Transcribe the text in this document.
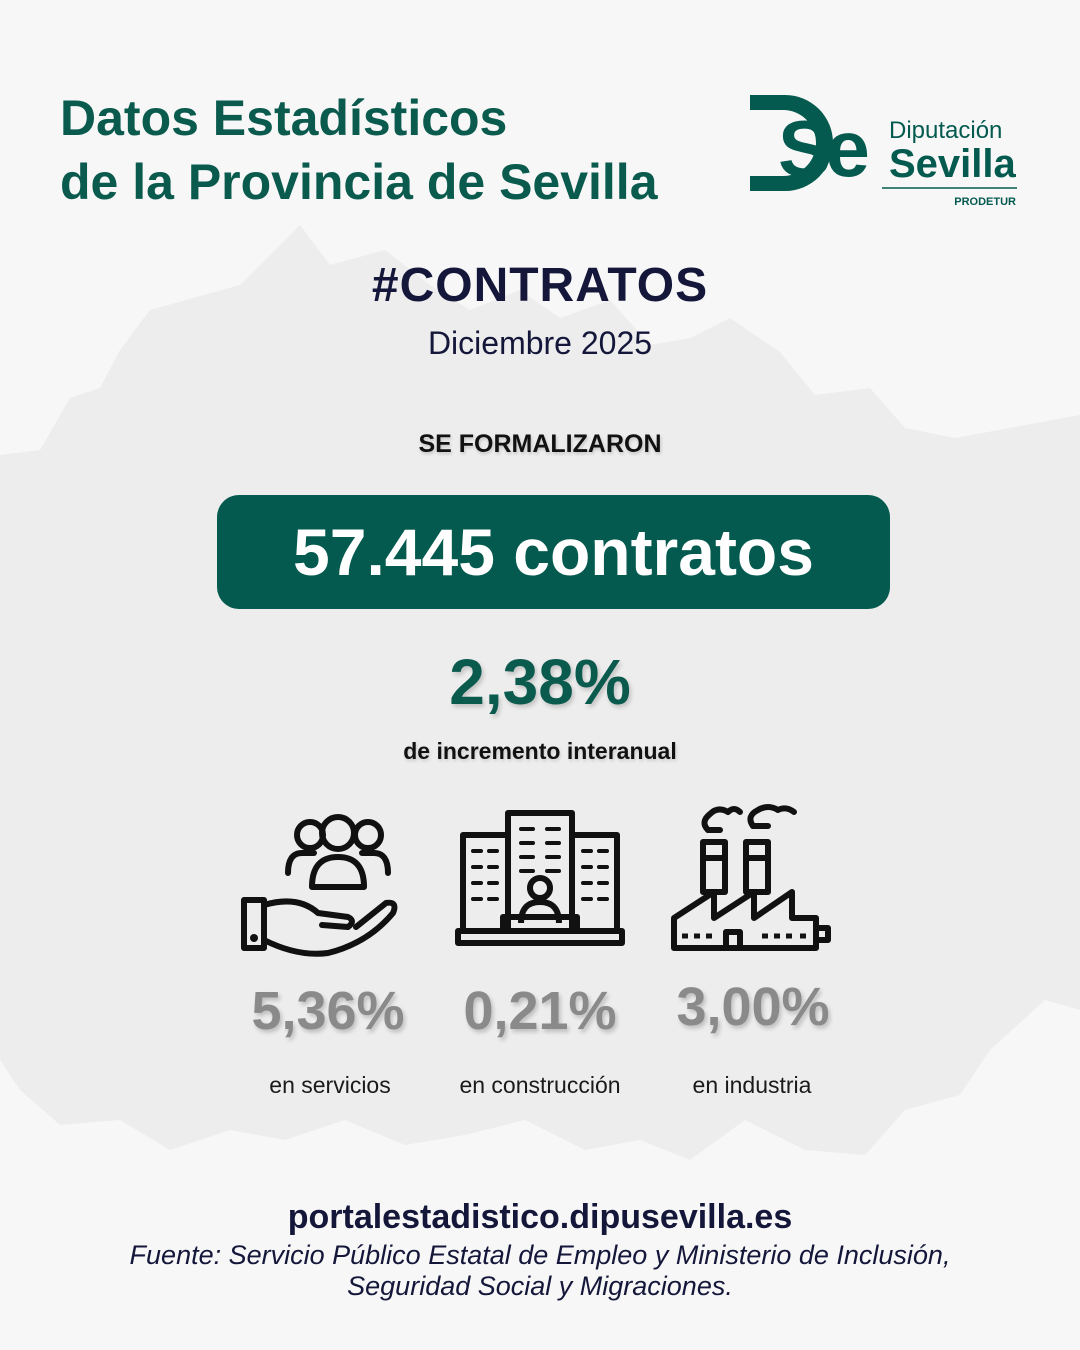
Datos Estadísticos
de la Provincia de Sevilla Se Diputación
Sevilla
PRODETUR
#CONTRATOS
Diciembre 2025
SE FORMALIZARON
57.445 contratos
2,38%
de incremento interanual
5,36%	0,21%	3,00%
en servicios	en construcción	en industria
portalestadistico.dipusevilla.es
Fuente: Servicio Público Estatal de Empleo y Ministerio de Inclusión,
Seguridad Social y Migraciones.
